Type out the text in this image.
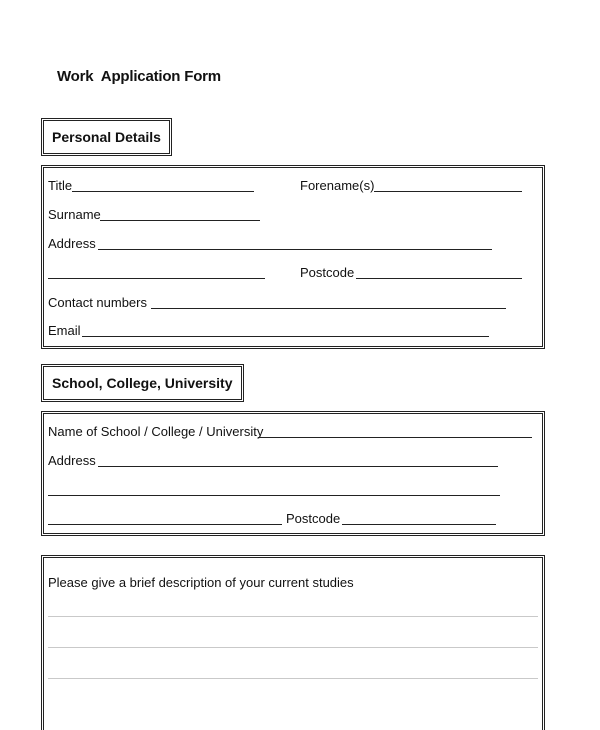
Work  Application Form
Personal Details
Title	Forename(s)
Surname
Address
Postcode
Contact numbers
Email
School, College, University
Name of School / College / University
Address
Postcode
Please give a brief description of your current studies
